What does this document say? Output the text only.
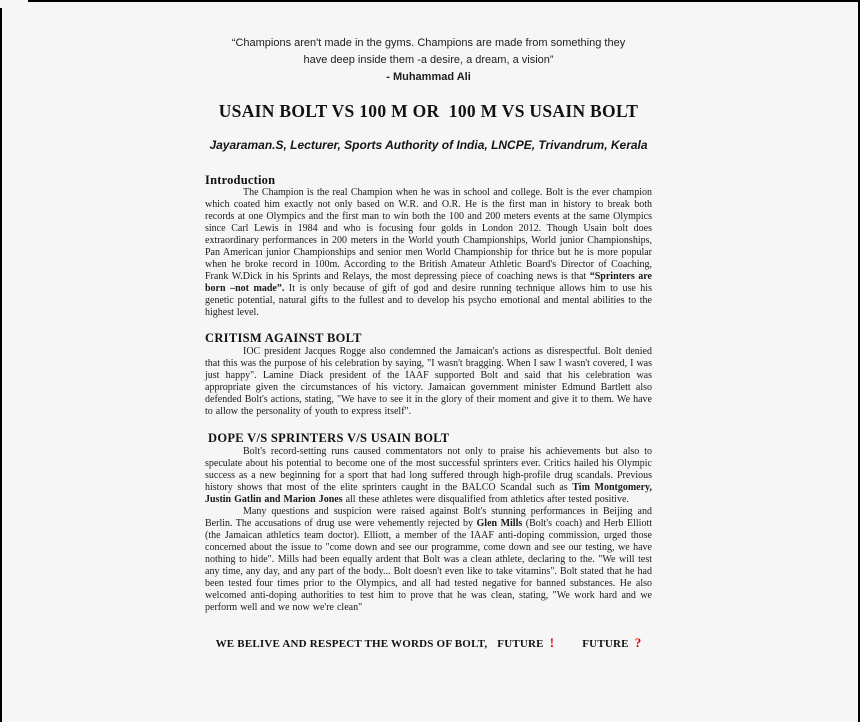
“Champions aren't made in the gyms. Champions are made from something they
have deep inside them -a desire, a dream, a vision”
- Muhammad Ali
USAIN BOLT VS 100 M OR  100 M VS USAIN BOLT
Jayaraman.S, Lecturer, Sports Authority of India, LNCPE, Trivandrum, Kerala
Introduction

The Champion is the real Champion when he was in school and college. Bolt is the ever champion which coated him exactly not only based on W.R. and O.R. He is the first man in history to break both records at one Olympics and the first man to win both the 100 and 200 meters events at the same Olympics since Carl Lewis in 1984 and who is focusing four golds in London 2012. Though Usain bolt does extraordinary performances in 200 meters in the World youth Championships, World junior Championships, Pan American junior Championships and senior men World Championship for thrice but he is more popular when he broke record in 100m. According to the British Amateur Athletic Board's Director of Coaching, Frank W.Dick in his Sprints and Relays, the most depressing piece of coaching news is that “Sprinters are born –not made”. It is only because of gift of god and desire running technique allows him to use his genetic potential, natural gifts to the fullest and to develop his psycho emotional and mental abilities to the highest level.

CRITISM AGAINST BOLT

IOC president Jacques Rogge also condemned the Jamaican's actions as disrespectful. Bolt denied that this was the purpose of his celebration by saying, "I wasn't bragging. When I saw I wasn't covered, I was just happy". Lamine Diack president of the IAAF supported Bolt and said that his celebration was appropriate given the circumstances of his victory. Jamaican government minister Edmund Bartlett also defended Bolt's actions, stating, "We have to see it in the glory of their moment and give it to them. We have to allow the personality of youth to express itself".

DOPE V/S SPRINTERS V/S USAIN BOLT

Bolt's record-setting runs caused commentators not only to praise his achievements but also to speculate about his potential to become one of the most successful sprinters ever. Critics hailed his Olympic success as a new beginning for a sport that had long suffered through high-profile drug scandals. Previous history shows that most of the elite sprinters caught in the BALCO Scandal such as Tim Montgomery, Justin Gatlin and Marion Jones all these athletes were disqualified from athletics after tested positive.

Many questions and suspicion were raised against Bolt's stunning performances in Beijing and Berlin. The accusations of drug use were vehemently rejected by Glen Mills (Bolt's coach) and Herb Elliott (the Jamaican athletics team doctor). Elliott, a member of the IAAF anti-doping commission, urged those concerned about the issue to "come down and see our programme, come down and see our testing, we have nothing to hide". Mills had been equally ardent that Bolt was a clean athlete, declaring to the. "We will test any time, any day, and any part of the body... Bolt doesn't even like to take vitamins". Bolt stated that he had been tested four times prior to the Olympics, and all had tested negative for banned substances. He also welcomed anti-doping authorities to test him to prove that he was clean, stating, "We work hard and we perform well and we now we're clean"

WE BELIVE AND RESPECT THE WORDS OF BOLT, FUTURE !	FUTURE ?
